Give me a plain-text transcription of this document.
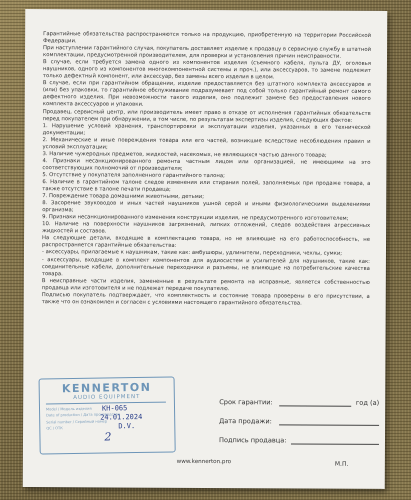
Гарантийные обязательства распространяются только на продукцию, приобретенную на территории Российской Федерации.

При наступлении гарантийного случая, покупатель доставляет изделие к продавцу в сервисную службу в штатной комплектации, предусмотренной производителем, для проверки и установления причин неисправности.

В случае, если требуется замена одного из компонентов изделия (съемного кабеля, пульта ДУ, оголовья наушников, одного из компонентов многокомпонентной системы и проч.), или аксессуаров, то замене подлежит только дефектный компонент, или аксессуар, без замены всего изделия в целом.

В случае, если при гарантийном обращении, изделие предоставляется без штатного комплекта аксессуаров и (или) без упаковки, то гарантийное обслуживание подразумевает под собой только гарантийный ремонт самого дефектного изделия. При невозможности такого изделия, оно подлежит замене без предоставления нового комплекта аксессуаров и упаковки.

Продавец, сервисный центр, или производитель имеет право в отказе от исполнения гарантийных обязательств перед покупателем при обнаружении, в том числе, по результатам экспертизы изделия, следующих фактов:

1. Нарушение условий хранения, транспортировки и эксплуатации изделия, указанных в его технической документации;

2. Механические и иные повреждения товара или его частей, возникшие вследствие несоблюдения правил и условий эксплуатации;

3. Наличие чужеродных предметов, жидкостей, насекомых, не являющихся частью данного товара;

4. Признаки несанкционированного ремонта частным лицом или организацией, не имеющими на это соответствующих полномочий от производителя;

5. Отсутствие у покупателя заполненного гарантийного талона;

6. Наличие в гарантийном талоне следов изменения или стирания полей, заполняемых при продаже товара, а также отсутствие в талоне печати продавца;

7. Повреждение товара домашними животными, детьми;

8. Засорение звуководов и иных частей наушников ушной серой и иными физиологическими выделениями организма;

9. Признаки несанкционированного изменения конструкции изделия, не предусмотренного изготовителем;

10. Наличие на поверхности наушников загрязнений, липких отложений, следов воздействия агрессивных жидкостей и составов.

На следующие детали, входящие в комплектацию товара, но не влияющие на его работоспособность, не распространяется гарантийные обязательства:

- аксессуары, прилагаемые к наушникам, такие как: амбушюры, удлинители, переходники, чехлы, сумки;

- аксессуары, входящие в комплект компонентов для аудиосистем и усилителей для наушников, такие как: соединительные кабели, дополнительные переходники и разъемы, не влияющие на потребительские качества товара.

В неисправные части изделия, замененные в результате ремонта на исправные, является собственностью продавца или изготовителя и не подлежат передаче покупателю.

Подписью покупатель подтверждает, что комплектность и состояние товара проверены в его присутствии, а также что он ознакомлен и согласен с условиями настоящего гарантийного обязательства.

KENNERTON
AUDIO EQUIPMENT
Model / Модель изделия
Date of production / Дата производства
Serial number / Серийный номер
QC / ОТК
КН-065
24.01.2024
D.V.
2
Срок гарантии:	год (а)
Дата продажи:
Подпись продавца:
www.kennerton.pro	М.П.
